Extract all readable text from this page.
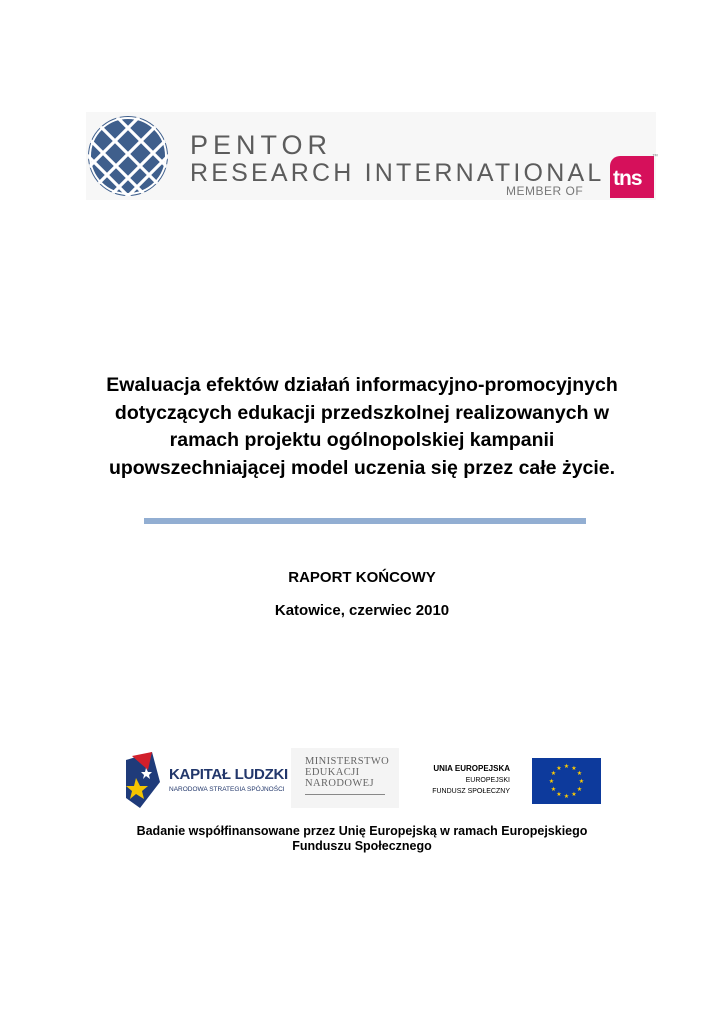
PENTOR
RESEARCH INTERNATIONAL
MEMBER OF
tns
™
Ewaluacja efektów działań informacyjno-promocyjnych
dotyczących edukacji przedszkolnej realizowanych w
ramach projektu ogólnopolskiej kampanii
upowszechniającej model uczenia się przez całe życie.
RAPORT KOŃCOWY
Katowice, czerwiec 2010
KAPITAŁ LUDZKI
NARODOWA STRATEGIA SPÓJNOŚCI
MINISTERSTWO
EDUKACJI
NARODOWEJ
UNIA EUROPEJSKA
EUROPEJSKI
FUNDUSZ SPOŁECZNY
★ ★
★
★
★
★
★
★
★
★
★
★
Badanie współfinansowane przez Unię Europejską w ramach Europejskiego
Funduszu Społecznego
